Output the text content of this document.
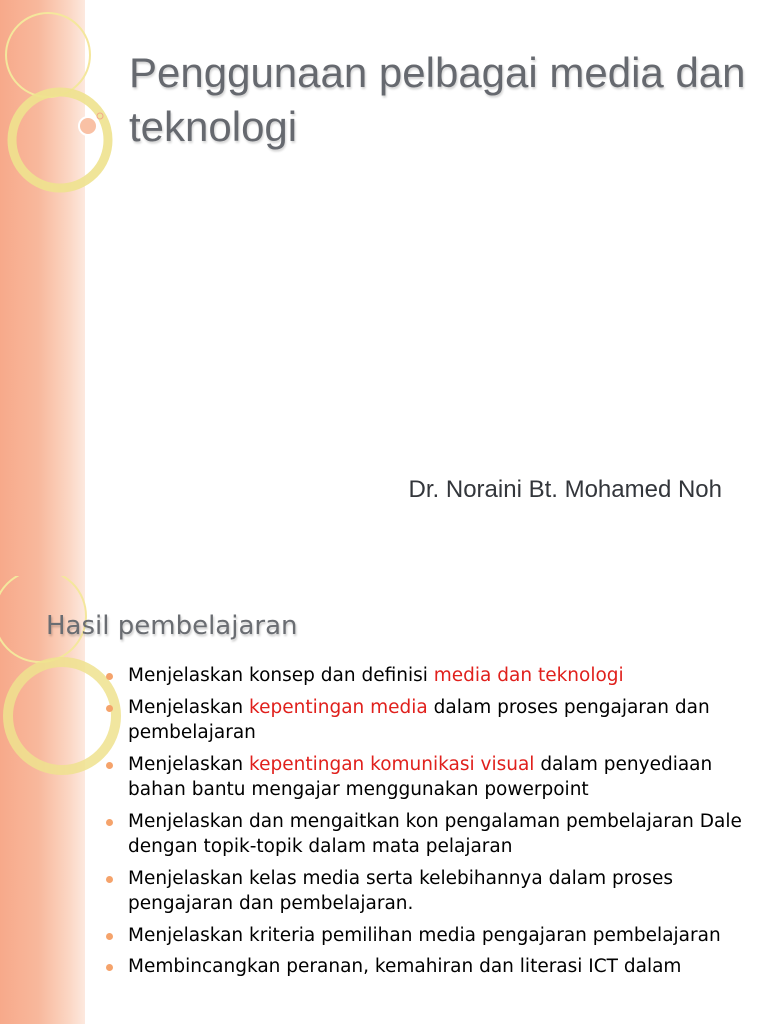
Penggunaan pelbagai media dan teknologi

Dr. Noraini Bt. Mohamed Noh

Hasil pembelajaran
Menjelaskan konsep dan definisi media dan teknologi
Menjelaskan kepentingan media dalam proses pengajaran dan pembelajaran
Menjelaskan kepentingan komunikasi visual dalam penyediaan bahan bantu mengajar menggunakan powerpoint
Menjelaskan dan mengaitkan kon pengalaman pembelajaran Dale dengan topik-topik dalam mata pelajaran
Menjelaskan kelas media serta kelebihannya dalam proses pengajaran dan pembelajaran.
Menjelaskan kriteria pemilihan media pengajaran pembelajaran
Membincangkan peranan, kemahiran dan literasi ICT dalam
